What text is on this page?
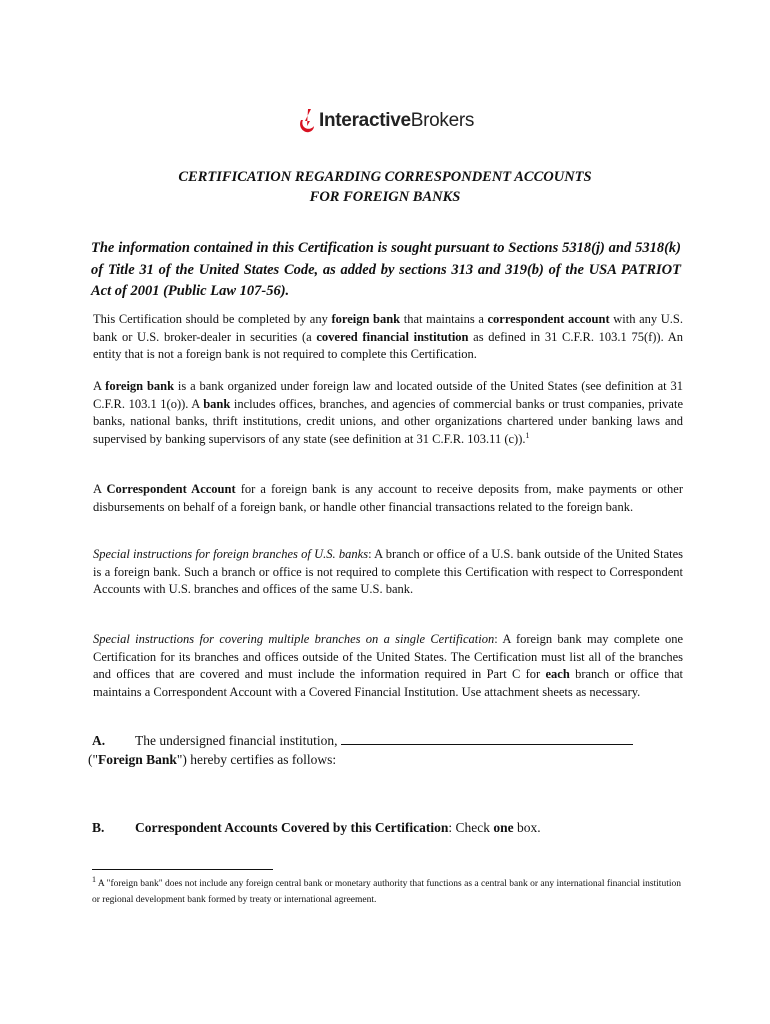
InteractiveBrokers
CERTIFICATION REGARDING CORRESPONDENT ACCOUNTS
FOR FOREIGN BANKS
The information contained in this Certification is sought pursuant to Sections 5318(j) and 5318(k) of Title 31 of the United States Code, as added by sections 313 and 319(b) of the USA PATRIOT Act of 2001 (Public Law 107-56).
This Certification should be completed by any foreign bank that maintains a correspondent account with any U.S. bank or U.S. broker-dealer in securities (a covered financial institution as defined in 31 C.F.R. 103.1 75(f)). An entity that is not a foreign bank is not required to complete this Certification.
A foreign bank is a bank organized under foreign law and located outside of the United States (see definition at 31 C.F.R. 103.1 1(o)). A bank includes offices, branches, and agencies of commercial banks or trust companies, private banks, national banks, thrift institutions, credit unions, and other organizations chartered under banking laws and supervised by banking supervisors of any state (see definition at 31 C.F.R. 103.11 (c)).$^1$
A Correspondent Account for a foreign bank is any account to receive deposits from, make payments or other disbursements on behalf of a foreign bank, or handle other financial transactions related to the foreign bank.
Special instructions for foreign branches of U.S. banks: A branch or office of a U.S. bank outside of the United States is a foreign bank. Such a branch or office is not required to complete this Certification with respect to Correspondent Accounts with U.S. branches and offices of the same U.S. bank.
Special instructions for covering multiple branches on a single Certification: A foreign bank may complete one Certification for its branches and offices outside of the United States. The Certification must list all of the branches and offices that are covered and must include the information required in Part C for each branch or office that maintains a Correspondent Account with a Covered Financial Institution. Use attachment sheets as necessary.
A. The undersigned financial institution,
("Foreign Bank") hereby certifies as follows:
B. Correspondent Accounts Covered by this Certification: Check one box.
$^1$ A "foreign bank" does not include any foreign central bank or monetary authority that functions as a central bank or any international financial institution or regional development bank formed by treaty or international agreement.
